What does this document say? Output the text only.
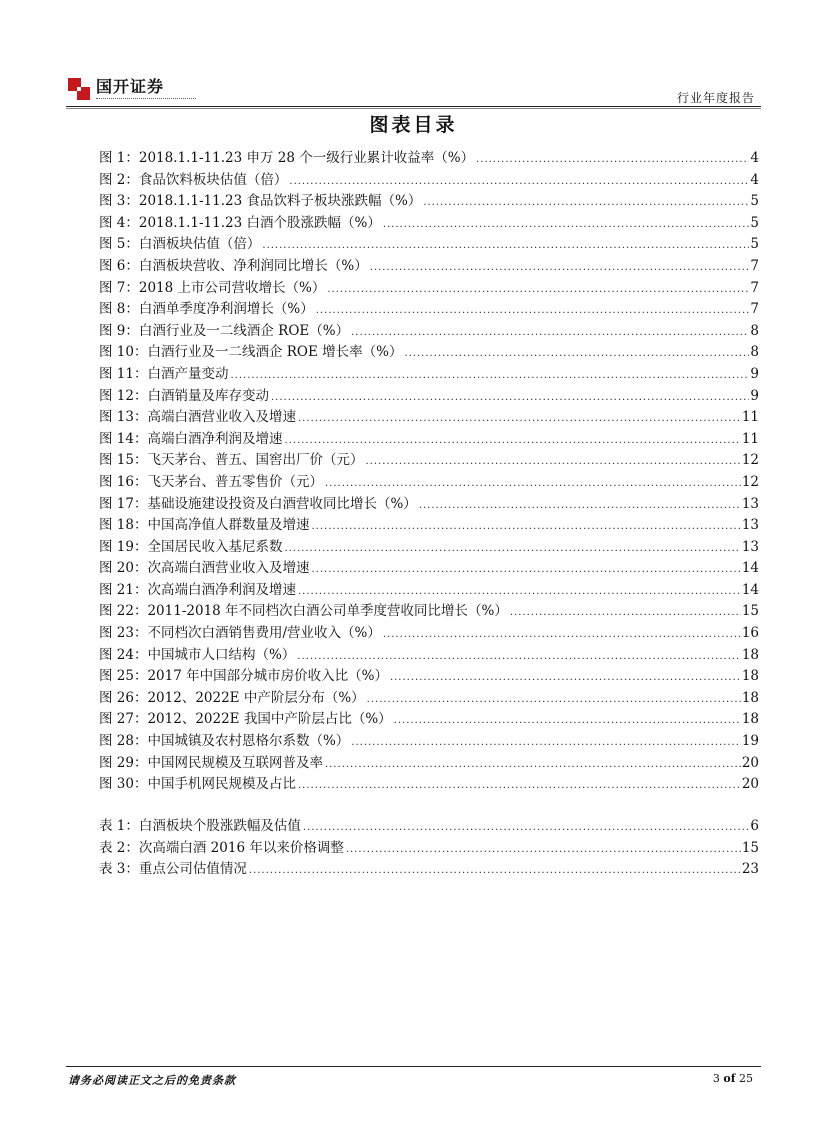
国开证券
行业年度报告
图表目录
图 1：2018.1.1-11.23 申万 28 个一级行业累计收益率（%） .....	4
图 2：食品饮料板块估值（倍） .....	4
图 3：2018.1.1-11.23 食品饮料子板块涨跌幅（%） .....	5
图 4：2018.1.1-11.23 白酒个股涨跌幅（%） .....	5
图 5：白酒板块估值（倍） .....	5
图 6：白酒板块营收、净利润同比增长（%） .....	7
图 7：2018 上市公司营收增长（%） .....	7
图 8：白酒单季度净利润增长（%） .....	7
图 9：白酒行业及一二线酒企 ROE（%） .....	8
图 10：白酒行业及一二线酒企 ROE 增长率（%） .....	8
图 11：白酒产量变动 .....	9
图 12：白酒销量及库存变动 .....	9
图 13：高端白酒营业收入及增速 .....	11
图 14：高端白酒净利润及增速 .....	11
图 15：飞天茅台、普五、国窖出厂价（元） .....	12
图 16：飞天茅台、普五零售价（元） .....	12
图 17：基础设施建设投资及白酒营收同比增长（%） .....	13
图 18：中国高净值人群数量及增速 .....	13
图 19：全国居民收入基尼系数 .....	13
图 20：次高端白酒营业收入及增速 .....	14
图 21：次高端白酒净利润及增速 .....	14
图 22：2011-2018 年不同档次白酒公司单季度营收同比增长（%） .....	15
图 23：不同档次白酒销售费用/营业收入（%） .....	16
图 24：中国城市人口结构（%） .....	18
图 25：2017 年中国部分城市房价收入比（%） .....	18
图 26：2012、2022E 中产阶层分布（%） .....	18
图 27：2012、2022E 我国中产阶层占比（%） .....	18
图 28：中国城镇及农村恩格尔系数（%） .....	19
图 29：中国网民规模及互联网普及率 .....	20
图 30：中国手机网民规模及占比 .....	20
表 1：白酒板块个股涨跌幅及估值 .....	6
表 2：次高端白酒 2016 年以来价格调整 .....	15
表 3：重点公司估值情况 .....	23
请务必阅读正文之后的免责条款	3 of 25
